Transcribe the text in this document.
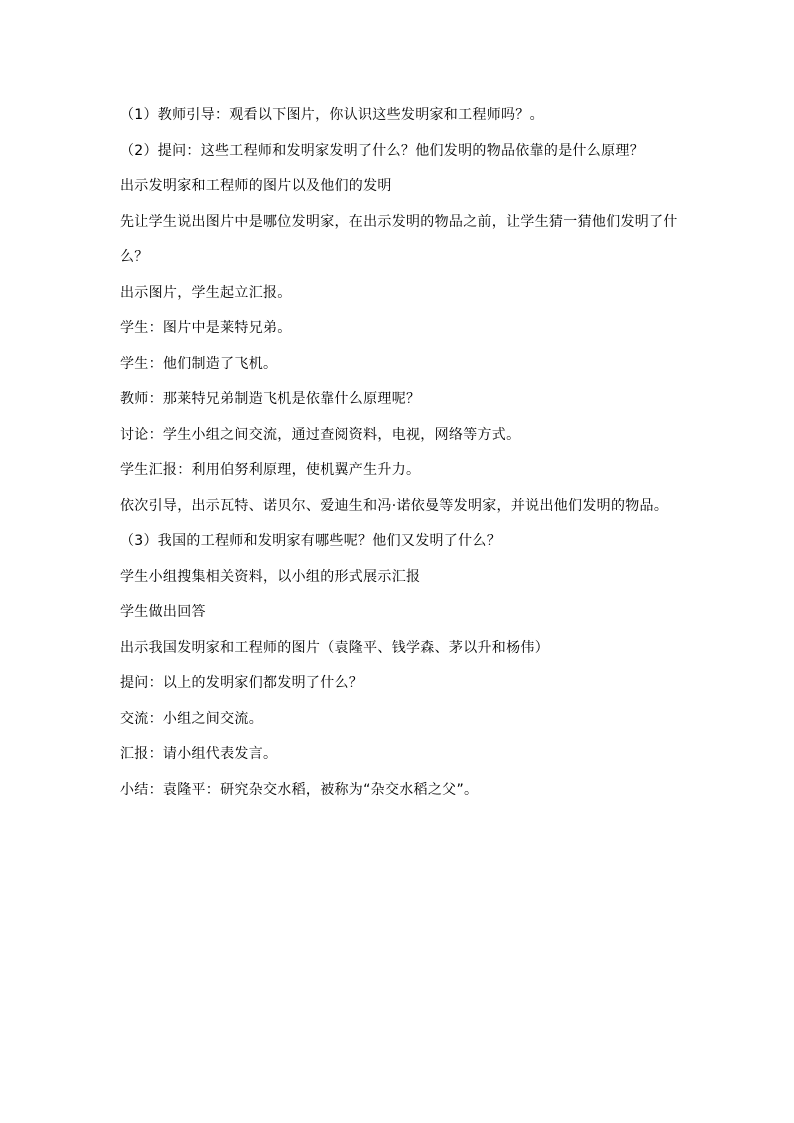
（1）教师引导：观看以下图片，你认识这些发明家和工程师吗？。

（2）提问：这些工程师和发明家发明了什么？他们发明的物品依靠的是什么原理？

出示发明家和工程师的图片以及他们的发明

先让学生说出图片中是哪位发明家，在出示发明的物品之前，让学生猜一猜他们发明了什么？

出示图片，学生起立汇报。

学生：图片中是莱特兄弟。

学生：他们制造了飞机。

教师：那莱特兄弟制造飞机是依靠什么原理呢？

讨论：学生小组之间交流，通过查阅资料，电视，网络等方式。

学生汇报：利用伯努利原理，使机翼产生升力。

依次引导，出示瓦特、诺贝尔、爱迪生和冯·诺依曼等发明家，并说出他们发明的物品。

（3）我国的工程师和发明家有哪些呢？他们又发明了什么？

学生小组搜集相关资料，以小组的形式展示汇报

学生做出回答

出示我国发明家和工程师的图片（袁隆平、钱学森、茅以升和杨伟）

提问：以上的发明家们都发明了什么？

交流：小组之间交流。

汇报：请小组代表发言。

小结：袁隆平：研究杂交水稻，被称为“杂交水稻之父”。
